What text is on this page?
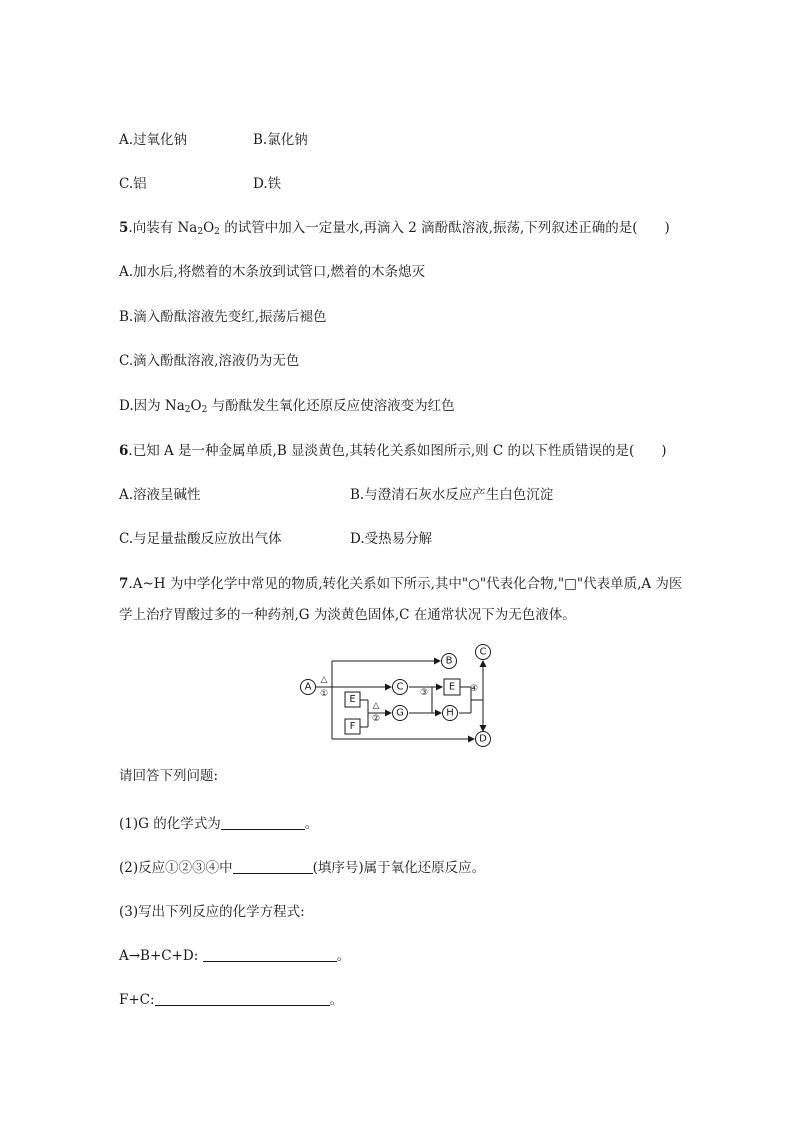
A.过氧化钠	B.氯化钠
C.铝	D.铁
5.向装有 $Na_2O_2$ 的试管中加入一定量水,再滴入 2 滴酚酞溶液,振荡,下列叙述正确的是(　　)
A.加水后,将燃着的木条放到试管口,燃着的木条熄灭
B.滴入酚酞溶液先变红,振荡后褪色
C.滴入酚酞溶液,溶液仍为无色
D.因为 $Na_2O_2$ 与酚酞发生氧化还原反应使溶液变为红色
6.已知 A 是一种金属单质,B 显淡黄色,其转化关系如图所示,则 C 的以下性质错误的是(　　)
A.溶液呈碱性	B.与澄清石灰水反应产生白色沉淀
C.与足量盐酸反应放出气体	D.受热易分解
7.A~H 为中学化学中常见的物质,转化关系如下所示,其中"○"代表化合物,"□"代表单质,A 为医
学上治疗胃酸过多的一种药剂,G 为淡黄色固体,C 在通常状况下为无色液体。
A
B
C
G	H
C
D
E
F
E
△
①
△
②
③	④
请回答下列问题:
(1)G 的化学式为	。
(2)反应①②③④中	(填序号)属于氧化还原反应。
(3)写出下列反应的化学方程式:
A→B+C+D:	。
F+C:	。
